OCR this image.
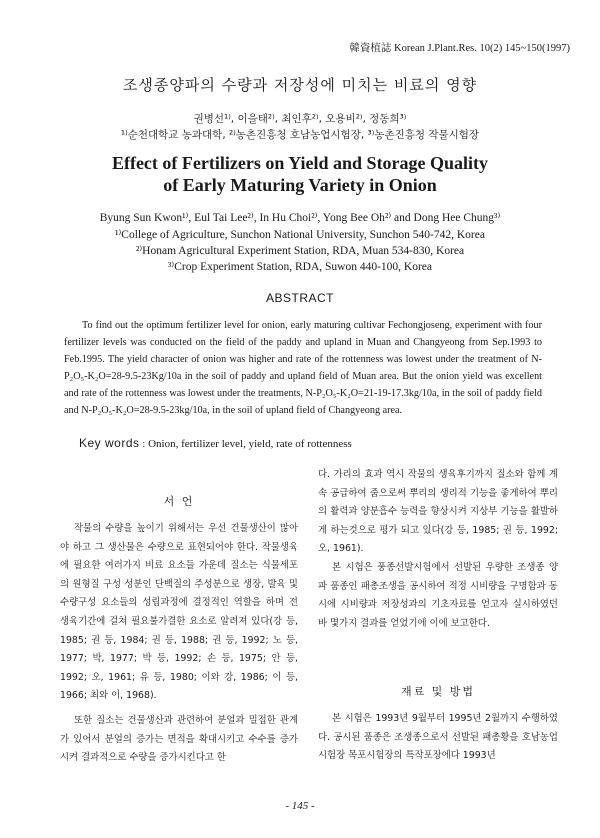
韓資植誌 Korean J.Plant.Res. 10(2) 145~150(1997)
조생종양파의 수량과 저장성에 미치는 비료의 영향
권병선¹⁾, 이을태²⁾, 최인후²⁾, 오용비²⁾, 정동희³⁾
¹⁾순천대학교 농과대학, ²⁾농촌진흥청 호남농업시험장, ³⁾농촌진흥청 작물시험장
Effect of Fertilizers on Yield and Storage Quality
of Early Maturing Variety in Onion
Byung Sun Kwon¹⁾, Eul Tai Lee²⁾, In Hu Choi²⁾, Yong Bee Oh²⁾ and Dong Hee Chung³⁾
¹⁾College of Agriculture, Sunchon National University, Sunchon 540-742, Korea
²⁾Honam Agricultural Experiment Station, RDA, Muan 534-830, Korea
³⁾Crop Experiment Station, RDA, Suwon 440-100, Korea
ABSTRACT

To find out the optimum fertilizer level for onion, early maturing cultivar Fechongjoseng, experiment with four fertilizer levels was conducted on the field of the paddy and upland in Muan and Changyeong from Sep.1993 to Feb.1995. The yield character of onion was higher and rate of the rottenness was lowest under the treatment of N-P₂O₅-K₂O=28-9.5-23Kg/10a in the soil of paddy and upland field of Muan area. But the onion yield was excellent and rate of the rottenness was lowest under the treatments, N-P₂O₅-K₂O=21-19-17.3kg/10a, in the soil of paddy field and N-P₂O₅-K₂O=28-9.5-23kg/10a, in the soil of upland field of Changyeong area.

Key words : Onion, fertilizer level, yield, rate of rottenness
서 언

작물의 수량을 높이기 위해서는 우선 건물생산이 많아야 하고 그 생산물은 수량으로 표현되어야 한다. 작물생육에 필요한 여러가지 비료 요소들 가운데 질소는 식물세포의 원형질 구성 성분인 단백질의 주성분으로 생장, 발육 및 수량구성 요소들의 성립과정에 결정적인 역할을 하며 전 생육기간에 걸쳐 필요불가결한 요소로 알려져 있다(강 등, 1985; 권 등, 1984; 권 등, 1988; 권 등, 1992; 노 등, 1977; 박, 1977; 박 등, 1992; 손 등, 1975; 안 등, 1992; 오, 1961; 유 등, 1980; 이와 강, 1986; 이 등, 1966; 최와 이, 1968).

또한 질소는 건물생산과 관련하여 분얼과 밀접한 관계가 있어서 분얼의 증가는 면적을 확대시키고 수수를 증가시켜 결과적으로 수량을 증가시킨다고 한

다. 가리의 효과 역시 작물의 생육후기까지 질소와 함께 계속 공급하여 줌으로써 뿌리의 생리적 기능을 좋게하여 뿌리의 활력과 양분흡수 능력을 향상시켜 지상부 기능을 활발하게 하는것으로 평가 되고 있다(강 등, 1985; 권 등, 1992; 오, 1961).

본 시험은 풍종선발시험에서 선발된 우량한 조생종 양파 품종인 패총조생을 공시하여 적정 시비량을 구명함과 동시에 시비량과 저장성과의 기초자료를 얻고자 실시하였던바 몇가지 결과를 얻었기에 이에 보고한다.

재료 및 방법

본 시험은 1993년 9월부터 1995년 2월까지 수행하였다. 공시된 품종은 조생종으로서 선발된 패총황을 호남농업시험장 목포시험장의 특작포장에다 1993년

- 145 -
